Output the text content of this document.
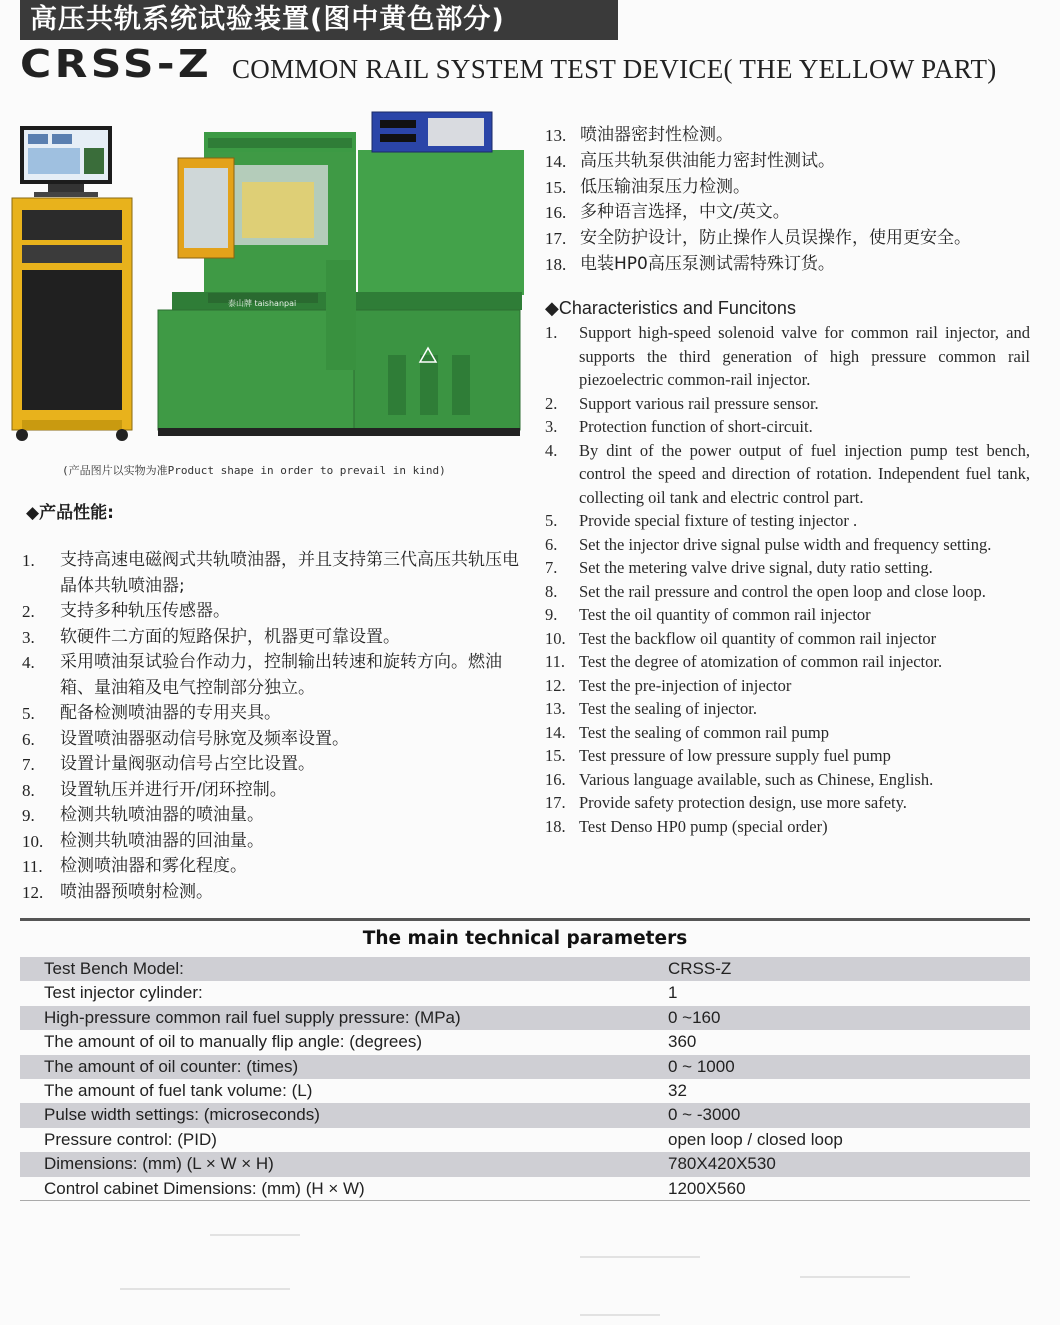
高压共轨系统试验装置(图中黄色部分)
CRSS-Z COMMON RAIL SYSTEM TEST DEVICE( THE YELLOW PART)
泰山牌 taishanpai
(产品图片以实物为准Product shape in order to prevail in kind)
◆产品性能:
1. 支持高速电磁阀式共轨喷油器，并且支持第三代高压共轨压电晶体共轨喷油器;
2. 支持多种轨压传感器。
3. 软硬件二方面的短路保护，机器更可靠设置。
4. 采用喷油泵试验台作动力，控制输出转速和旋转方向。燃油箱、量油箱及电气控制部分独立。
5. 配备检测喷油器的专用夹具。
6. 设置喷油器驱动信号脉宽及频率设置。
7. 设置计量阀驱动信号占空比设置。
8. 设置轨压并进行开/闭环控制。
9. 检测共轨喷油器的喷油量。
10. 检测共轨喷油器的回油量。
11. 检测喷油器和雾化程度。
12. 喷油器预喷射检测。
13. 喷油器密封性检测。
14. 高压共轨泵供油能力密封性测试。
15. 低压输油泵压力检测。
16. 多种语言选择，中文/英文。
17. 安全防护设计，防止操作人员误操作，使用更安全。
18. 电装HP0高压泵测试需特殊订货。
◆Characteristics and Funcitons
1. Support high-speed solenoid valve for common rail injector, and supports the third generation of high pressure common rail piezoelectric common-rail injector.
2. Support various rail pressure sensor.
3. Protection function of short-circuit.
4. By dint of the power output of fuel injection pump test bench, control the speed and direction of rotation. Independent fuel tank, collecting oil tank and electric control part.
5. Provide special fixture of testing injector .
6. Set the injector drive signal pulse width and frequency setting.
7. Set the metering valve drive signal, duty ratio setting.
8. Set the rail pressure and control the open loop and close loop.
9. Test the oil quantity of common rail injector
10. Test the backflow oil quantity of common rail injector
11. Test the degree of atomization of common rail injector.
12. Test the pre-injection of injector
13. Test the sealing of injector.
14. Test the sealing of common rail pump
15. Test pressure of low pressure supply fuel pump
16. Various language available, such as Chinese, English.
17. Provide safety protection design, use more safety.
18. Test Denso HP0 pump (special order)
The main technical parameters
Test Bench Model:	CRSS-Z
Test injector cylinder:	1
High-pressure common rail fuel supply pressure: (MPa)	0 ~160
The amount of oil to manually flip angle: (degrees)	360
The amount of oil counter: (times)	0 ~ 1000
The amount of fuel tank volume: (L)	32
Pulse width settings: (microseconds)	0 ~ -3000
Pressure control: (PID)	open loop / closed loop
Dimensions: (mm) (L × W × H)	780X420X530
Control cabinet Dimensions: (mm) (H × W)	1200X560
